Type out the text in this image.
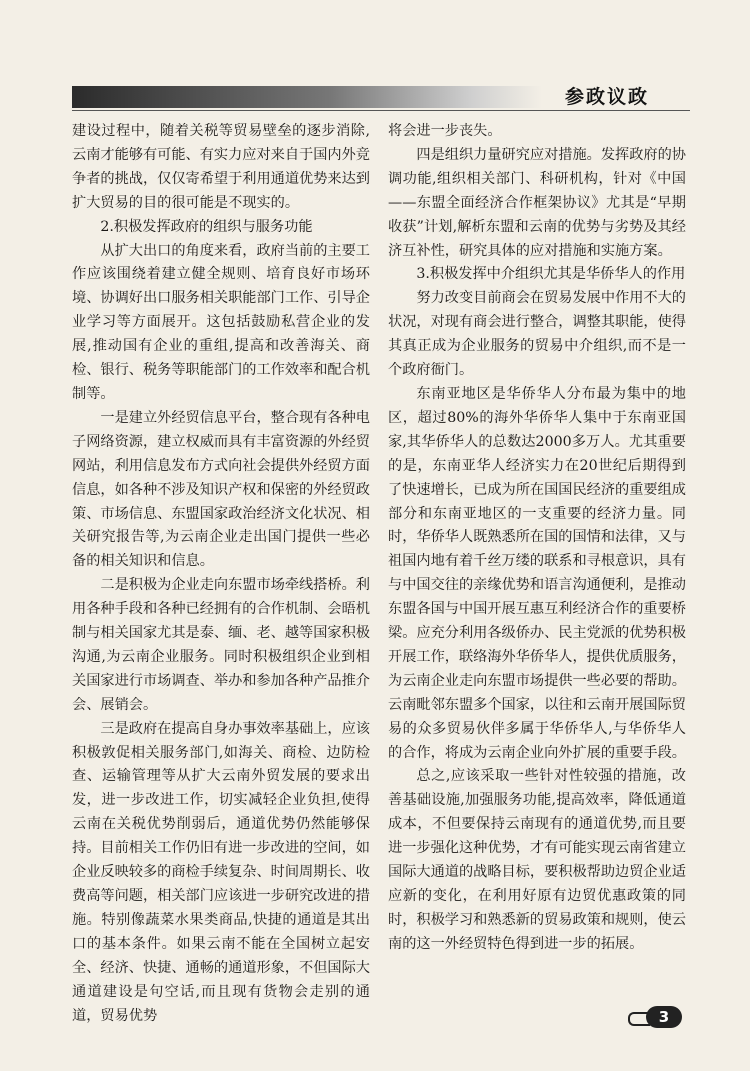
参政议政

建设过程中，随着关税等贸易壁垒的逐步消除,云南才能够有可能、有实力应对来自于国内外竞争者的挑战，仅仅寄希望于利用通道优势来达到扩大贸易的目的很可能是不现实的。

2.积极发挥政府的组织与服务功能

从扩大出口的角度来看，政府当前的主要工作应该围绕着建立健全规则、培育良好市场环境、协调好出口服务相关职能部门工作、引导企业学习等方面展开。这包括鼓励私营企业的发展,推动国有企业的重组,提高和改善海关、商检、银行、税务等职能部门的工作效率和配合机制等。

一是建立外经贸信息平台，整合现有各种电子网络资源，建立权威而具有丰富资源的外经贸网站，利用信息发布方式向社会提供外经贸方面信息，如各种不涉及知识产权和保密的外经贸政策、市场信息、东盟国家政治经济文化状况、相关研究报告等,为云南企业走出国门提供一些必备的相关知识和信息。

二是积极为企业走向东盟市场牵线搭桥。利用各种手段和各种已经拥有的合作机制、会晤机制与相关国家尤其是泰、缅、老、越等国家积极沟通,为云南企业服务。同时积极组织企业到相关国家进行市场调查、举办和参加各种产品推介会、展销会。

三是政府在提高自身办事效率基础上，应该积极敦促相关服务部门,如海关、商检、边防检查、运输管理等从扩大云南外贸发展的要求出发，进一步改进工作，切实减轻企业负担,使得云南在关税优势削弱后，通道优势仍然能够保持。目前相关工作仍旧有进一步改进的空间，如企业反映较多的商检手续复杂、时间周期长、收费高等问题，相关部门应该进一步研究改进的措施。特别像蔬菜水果类商品,快捷的通道是其出口的基本条件。如果云南不能在全国树立起安全、经济、快捷、通畅的通道形象，不但国际大通道建设是句空话,而且现有货物会走别的通道，贸易优势

将会进一步丧失。

四是组织力量研究应对措施。发挥政府的协调功能,组织相关部门、科研机构，针对《中国——东盟全面经济合作框架协议》尤其是“早期收获”计划,解析东盟和云南的优势与劣势及其经济互补性，研究具体的应对措施和实施方案。

3.积极发挥中介组织尤其是华侨华人的作用

努力改变目前商会在贸易发展中作用不大的状况，对现有商会进行整合，调整其职能，使得其真正成为企业服务的贸易中介组织,而不是一个政府衙门。

东南亚地区是华侨华人分布最为集中的地区，超过80%的海外华侨华人集中于东南亚国家,其华侨华人的总数达2000多万人。尤其重要的是，东南亚华人经济实力在20世纪后期得到了快速增长，已成为所在国国民经济的重要组成部分和东南亚地区的一支重要的经济力量。同时，华侨华人既熟悉所在国的国情和法律，又与祖国内地有着千丝万缕的联系和寻根意识，具有与中国交往的亲缘优势和语言沟通便利，是推动东盟各国与中国开展互惠互利经济合作的重要桥梁。应充分利用各级侨办、民主党派的优势积极开展工作，联络海外华侨华人，提供优质服务，为云南企业走向东盟市场提供一些必要的帮助。云南毗邻东盟多个国家，以往和云南开展国际贸易的众多贸易伙伴多属于华侨华人,与华侨华人的合作，将成为云南企业向外扩展的重要手段。

总之,应该采取一些针对性较强的措施，改善基础设施,加强服务功能,提高效率，降低通道成本，不但要保持云南现有的通道优势,而且要进一步强化这种优势，才有可能实现云南省建立国际大通道的战略目标，要积极帮助边贸企业适应新的变化，在利用好原有边贸优惠政策的同时，积极学习和熟悉新的贸易政策和规则，使云南的这一外经贸特色得到进一步的拓展。

3
